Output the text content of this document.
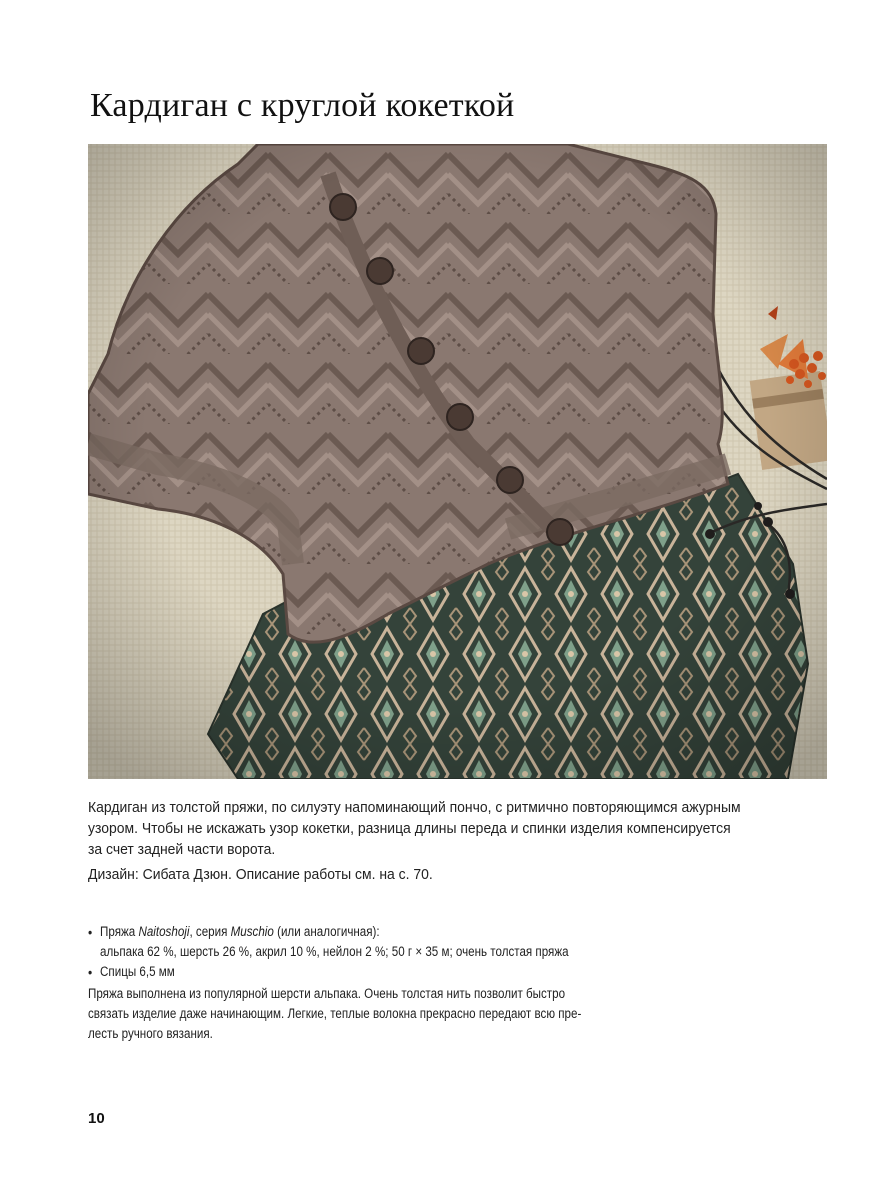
Кардиган с круглой кокеткой

Кардиган из толстой пряжи, по силуэту напоминающий пончо, с ритмично повторяющимся ажурным

узором. Чтобы не искажать узор кокетки, разница длины переда и спинки изделия компенсируется

за счет задней части ворота.

Дизайн: Сибата Дзюн. Описание работы см. на с. 70.

• Пряжа Naitoshoji, серия Muschio (или аналогичная):
альпака 62 %, шерсть 26 %, акрил 10 %, нейлон 2 %; 50 г × 35 м; очень толстая пряжа
• Спицы 6,5 мм

Пряжа выполнена из популярной шерсти альпака. Очень толстая нить позволит быстро

связать изделие даже начинающим. Легкие, теплые волокна прекрасно передают всю пре-

лесть ручного вязания.

10
